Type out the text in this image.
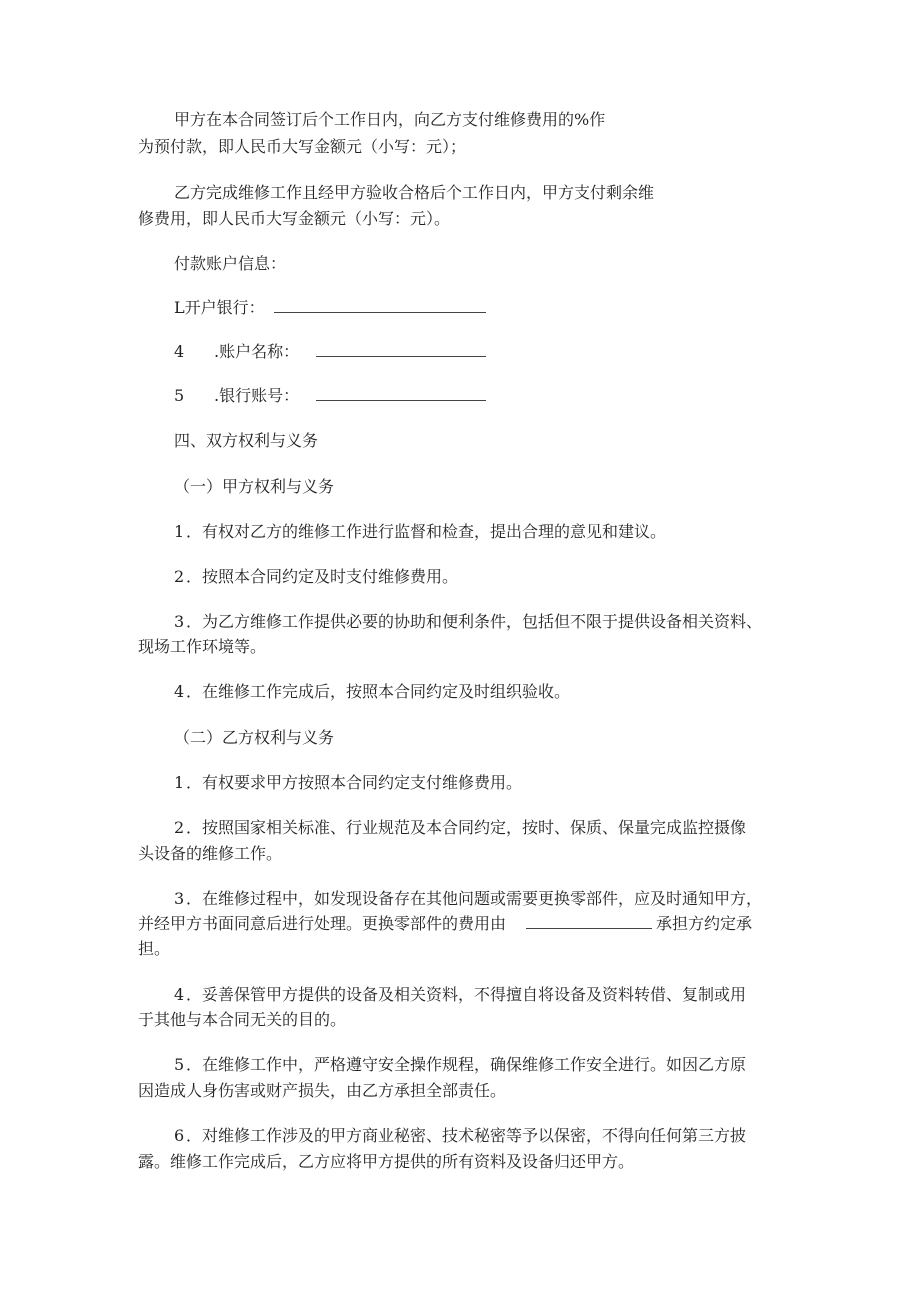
甲方在本合同签订后个工作日内，向乙方支付维修费用的%作
为预付款，即人民币大写金额元（小写：元）；
乙方完成维修工作且经甲方验收合格后个工作日内，甲方支付剩余维
修费用，即人民币大写金额元（小写：元）。
付款账户信息：
L开户银行：
4 .账户名称：
5 .银行账号：
四、双方权利与义务
（一）甲方权利与义务
1 ．有权对乙方的维修工作进行监督和检查，提出合理的意见和建议。
2 ．按照本合同约定及时支付维修费用。
3 ．为乙方维修工作提供必要的协助和便利条件，包括但不限于提供设备相关资料、
现场工作环境等。
4 ．在维修工作完成后，按照本合同约定及时组织验收。
（二）乙方权利与义务
1 ．有权要求甲方按照本合同约定支付维修费用。
2 ．按照国家相关标准、行业规范及本合同约定，按时、保质、保量完成监控摄像
头设备的维修工作。
3 ．在维修过程中，如发现设备存在其他问题或需要更换零部件，应及时通知甲方，
并经甲方书面同意后进行处理。更换零部件的费用由	承担方约定承
担。
4 ．妥善保管甲方提供的设备及相关资料，不得擅自将设备及资料转借、复制或用
于其他与本合同无关的目的。
5 ．在维修工作中，严格遵守安全操作规程，确保维修工作安全进行。如因乙方原
因造成人身伤害或财产损失，由乙方承担全部责任。
6 ．对维修工作涉及的甲方商业秘密、技术秘密等予以保密，不得向任何第三方披
露。维修工作完成后，乙方应将甲方提供的所有资料及设备归还甲方。
